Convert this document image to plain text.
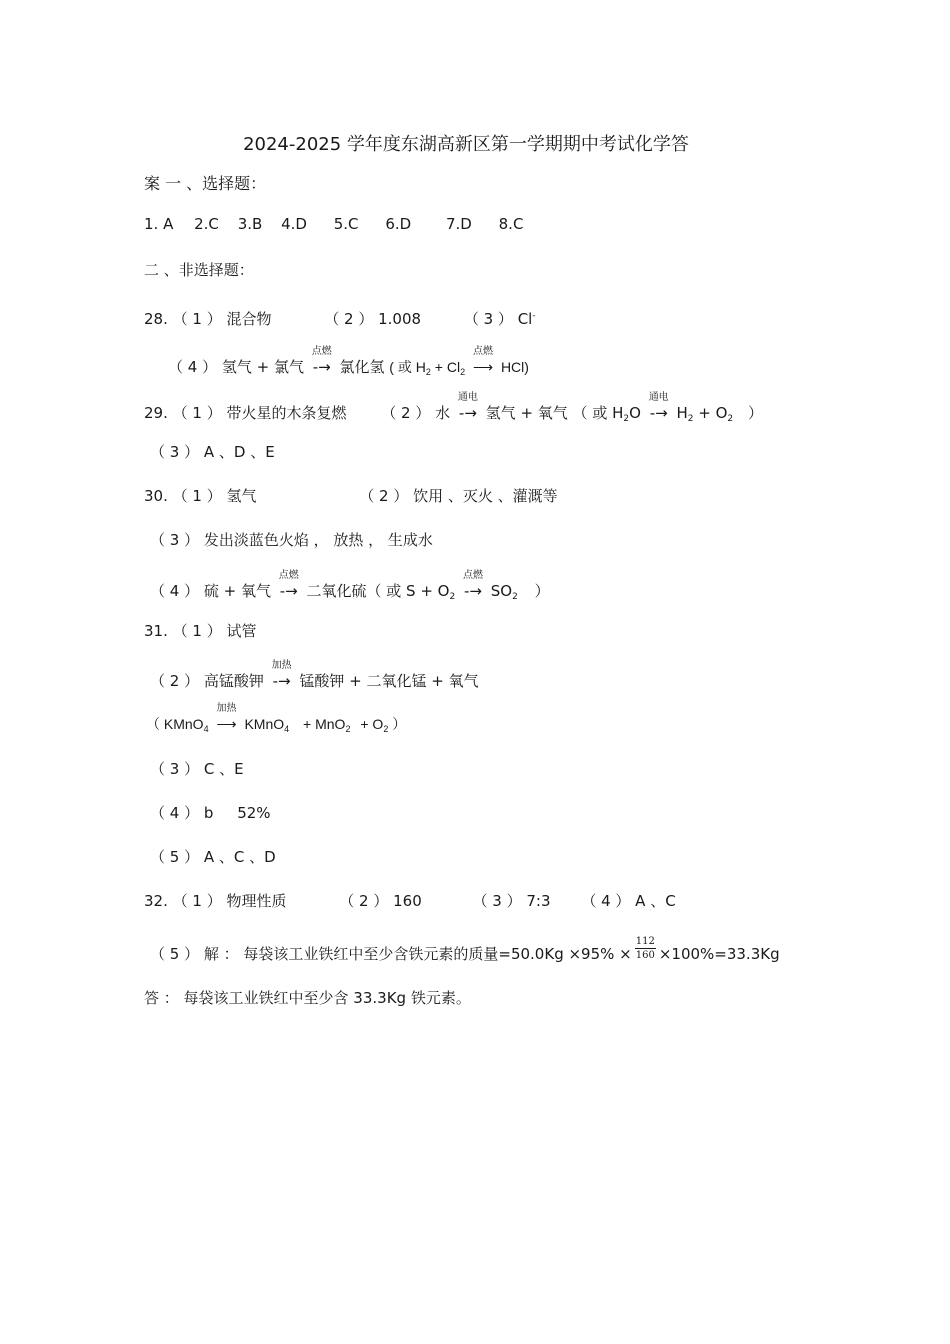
2024-2025 学年度东湖高新区第一学期期中考试化学答
案 一 、选择题：
1. A 2.C 3.B 4.D 5.C 6.D 7.D 8.C
二 、非选择题：
28. （ 1 ） 混合物	（ 2 ） 1.008	（ 3 ） Cl-
（ 4 ） 氢气 + 氯气
点燃
-→ 氯化氢 ( 或 $H_2 + Cl_2$
点燃
⟶ HCl)
29. （ 1 ） 带火星的木条复燃 （ 2 ） 水
通电
-→ 氢气 + 氧气 （ 或 $H_2O$
通电
-→ $H_2 + O_2$ ）
（ 3 ） A 、D 、E
30. （ 1 ） 氢气	（ 2 ） 饮用 、灭火 、灌溉等
（ 3 ） 发出淡蓝色火焰 ， 放热 ， 生成水
（ 4 ） 硫 + 氧气
点燃
-→ 二氧化硫（ 或 $S + O_2$
点燃
-→ $SO_2$ ）
31. （ 1 ） 试管
（ 2 ） 高锰酸钾
加热
-→ 锰酸钾 + 二氧化锰 + 氧气
（ KMnO$_4$
加热
⟶ KMnO$_4$ + $MnO_2 + O_2$ ）
（ 3 ） C 、E
（ 4 ） b     52%
（ 5 ） A 、C 、D
32. （ 1 ） 物理性质	（ 2 ） 160	（ 3 ） 7:3 （ 4 ） A 、C
（ 5 ） 解 ： 每袋该工业铁红中至少含铁元素的质量$=50.0Kg \times 95\% \times \frac{112}{160} \times 100\%=33.3Kg$
答 ： 每袋该工业铁红中至少含 33.3Kg 铁元素。
